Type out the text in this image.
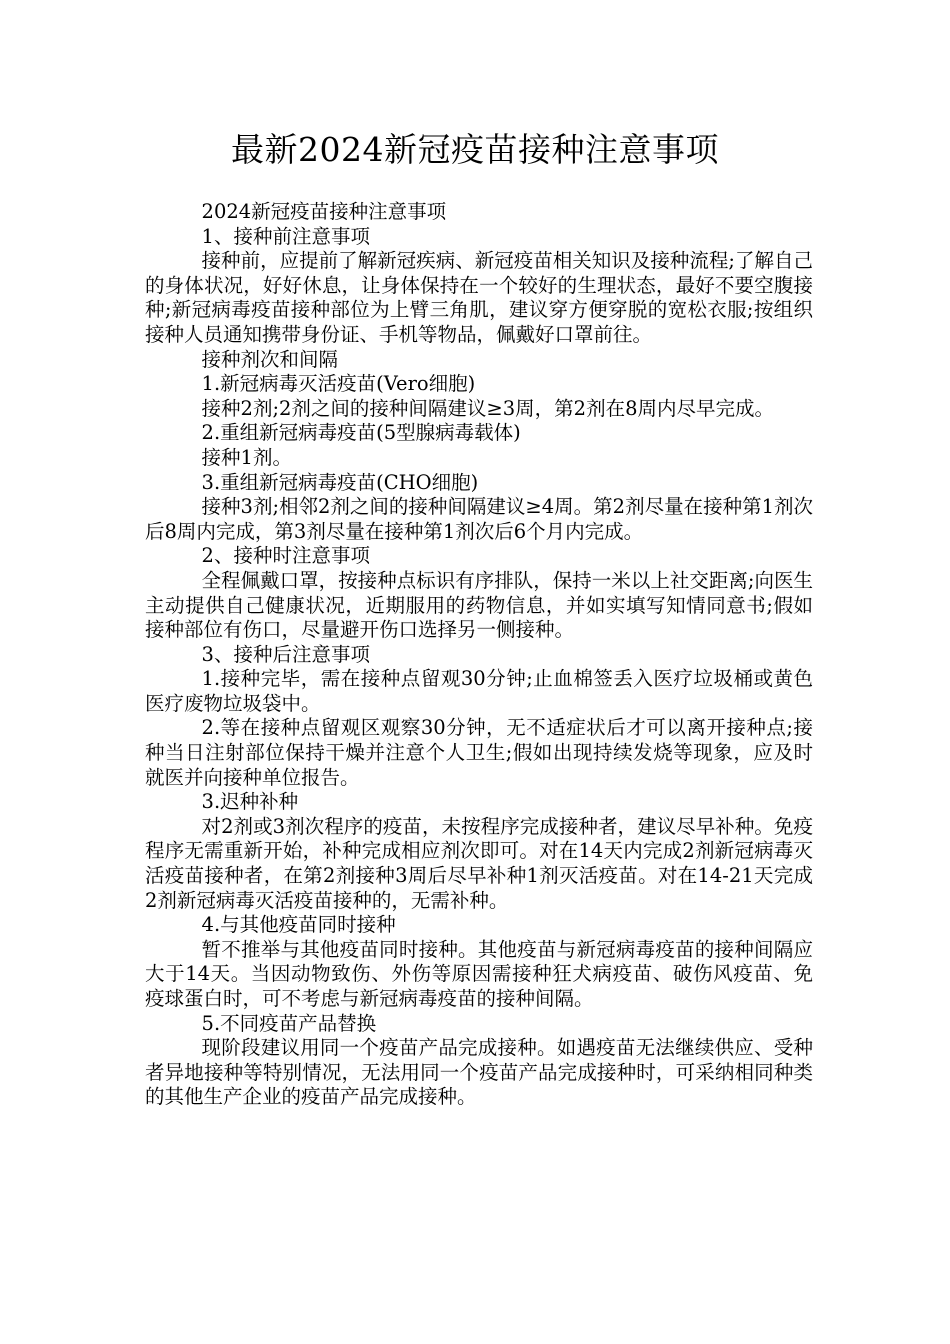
最新2024新冠疫苗接种注意事项

2024新冠疫苗接种注意事项

1、接种前注意事项

接种前，应提前了解新冠疾病、新冠疫苗相关知识及接种流程;了解自己的身体状况，好好休息，让身体保持在一个较好的生理状态，最好不要空腹接种;新冠病毒疫苗接种部位为上臂三角肌，建议穿方便穿脱的宽松衣服;按组织接种人员通知携带身份证、手机等物品，佩戴好口罩前往。

接种剂次和间隔

1.新冠病毒灭活疫苗(Vero细胞)

接种2剂;2剂之间的接种间隔建议≥3周，第2剂在8周内尽早完成。

2.重组新冠病毒疫苗(5型腺病毒载体)

接种1剂。

3.重组新冠病毒疫苗(CHO细胞)

接种3剂;相邻2剂之间的接种间隔建议≥4周。第2剂尽量在接种第1剂次后8周内完成，第3剂尽量在接种第1剂次后6个月内完成。

2、接种时注意事项

全程佩戴口罩，按接种点标识有序排队，保持一米以上社交距离;向医生主动提供自己健康状况，近期服用的药物信息，并如实填写知情同意书;假如接种部位有伤口，尽量避开伤口选择另一侧接种。

3、接种后注意事项

1.接种完毕，需在接种点留观30分钟;止血棉签丢入医疗垃圾桶或黄色医疗废物垃圾袋中。

2.等在接种点留观区观察30分钟，无不适症状后才可以离开接种点;接种当日注射部位保持干燥并注意个人卫生;假如出现持续发烧等现象，应及时就医并向接种单位报告。

3.迟种补种

对2剂或3剂次程序的疫苗，未按程序完成接种者，建议尽早补种。免疫程序无需重新开始，补种完成相应剂次即可。对在14天内完成2剂新冠病毒灭活疫苗接种者，在第2剂接种3周后尽早补种1剂灭活疫苗。对在14-21天完成2剂新冠病毒灭活疫苗接种的，无需补种。

4.与其他疫苗同时接种

暂不推举与其他疫苗同时接种。其他疫苗与新冠病毒疫苗的接种间隔应大于14天。当因动物致伤、外伤等原因需接种狂犬病疫苗、破伤风疫苗、免疫球蛋白时，可不考虑与新冠病毒疫苗的接种间隔。

5.不同疫苗产品替换

现阶段建议用同一个疫苗产品完成接种。如遇疫苗无法继续供应、受种者异地接种等特别情况，无法用同一个疫苗产品完成接种时，可采纳相同种类的其他生产企业的疫苗产品完成接种。
